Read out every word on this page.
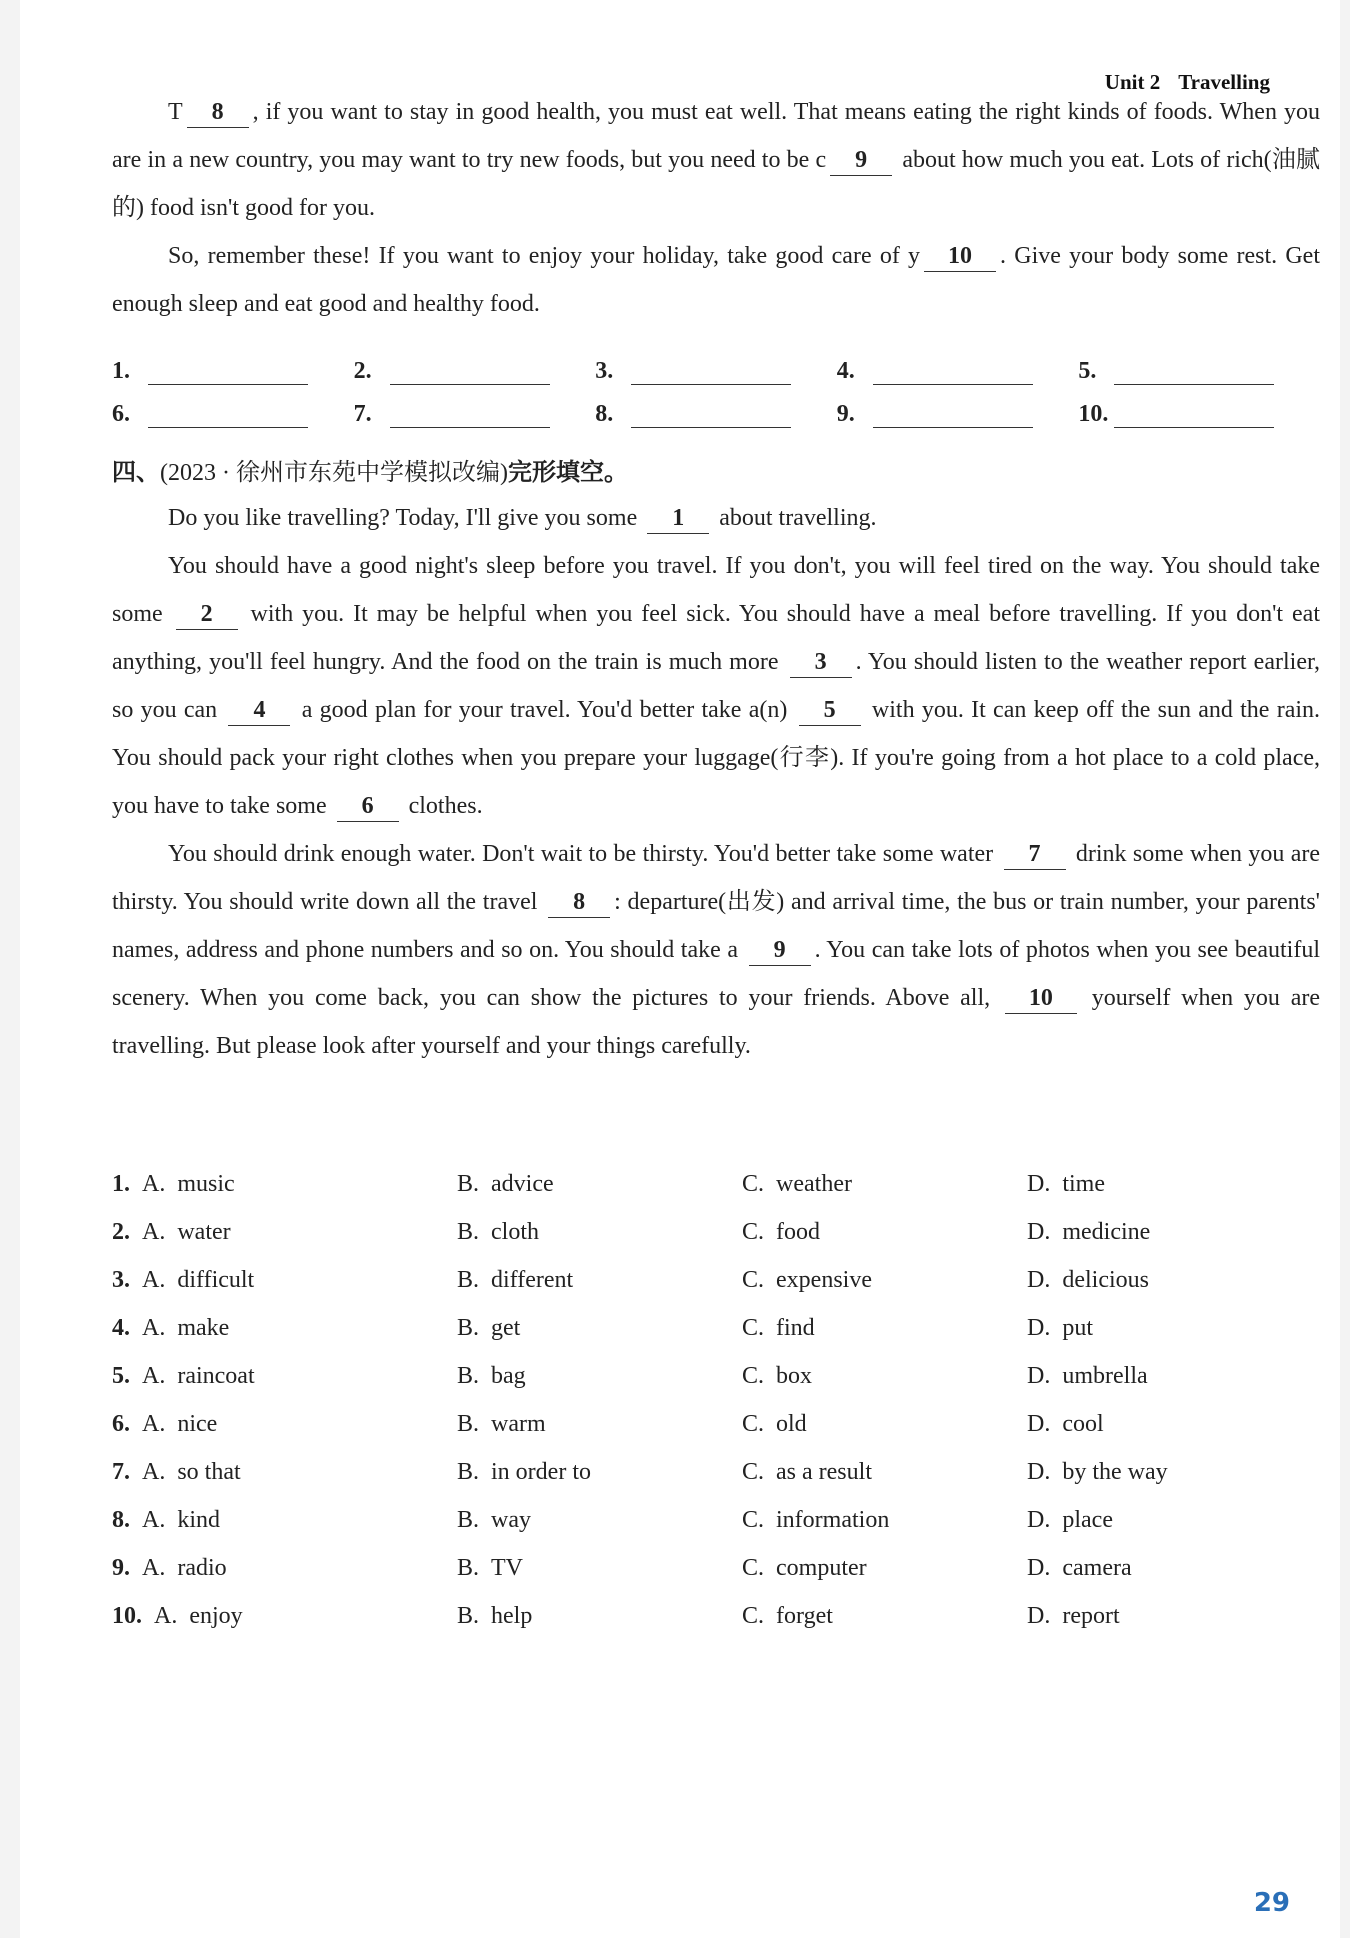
Unit 2 Travelling

T 8 , if you want to stay in good health, you must eat well. That means eating the right kinds of foods. When you are in a new country, you may want to try new foods, but you need to be c 9 about how much you eat. Lots of rich(油腻的) food isn't good for you.

So, remember these! If you want to enjoy your holiday, take good care of y 10 . Give your body some rest. Get enough sleep and eat good and healthy food.

1.	2.	3.	4.	5.
6.	7.	8.	9.	10.
四、(2023 · 徐州市东苑中学模拟改编)完形填空。

Do you like travelling? Today, I'll give you some 1 about travelling.

You should have a good night's sleep before you travel. If you don't, you will feel tired on the way. You should take some 2 with you. It may be helpful when you feel sick. You should have a meal before travelling. If you don't eat anything, you'll feel hungry. And the food on the train is much more 3 . You should listen to the weather report earlier, so you can 4 a good plan for your travel. You'd better take a(n) 5 with you. It can keep off the sun and the rain. You should pack your right clothes when you prepare your luggage(行李). If you're going from a hot place to a cold place, you have to take some 6 clothes.

You should drink enough water. Don't wait to be thirsty. You'd better take some water 7 drink some when you are thirsty. You should write down all the travel 8 : departure(出发) and arrival time, the bus or train number, your parents' names, address and phone numbers and so on. You should take a 9 . You can take lots of photos when you see beautiful scenery. When you come back, you can show the pictures to your friends. Above all, 10 yourself when you are travelling. But please look after yourself and your things carefully.

1. A. music	B. advice	C. weather	D. time
2. A. water	B. cloth	C. food	D. medicine
3. A. difficult	B. different	C. expensive	D. delicious
4. A. make	B. get	C. find	D. put
5. A. raincoat	B. bag	C. box	D. umbrella
6. A. nice	B. warm	C. old	D. cool
7. A. so that	B. in order to	C. as a result	D. by the way
8. A. kind	B. way	C. information	D. place
9. A. radio	B. TV	C. computer	D. camera
10. A. enjoy	B. help	C. forget	D. report
29
